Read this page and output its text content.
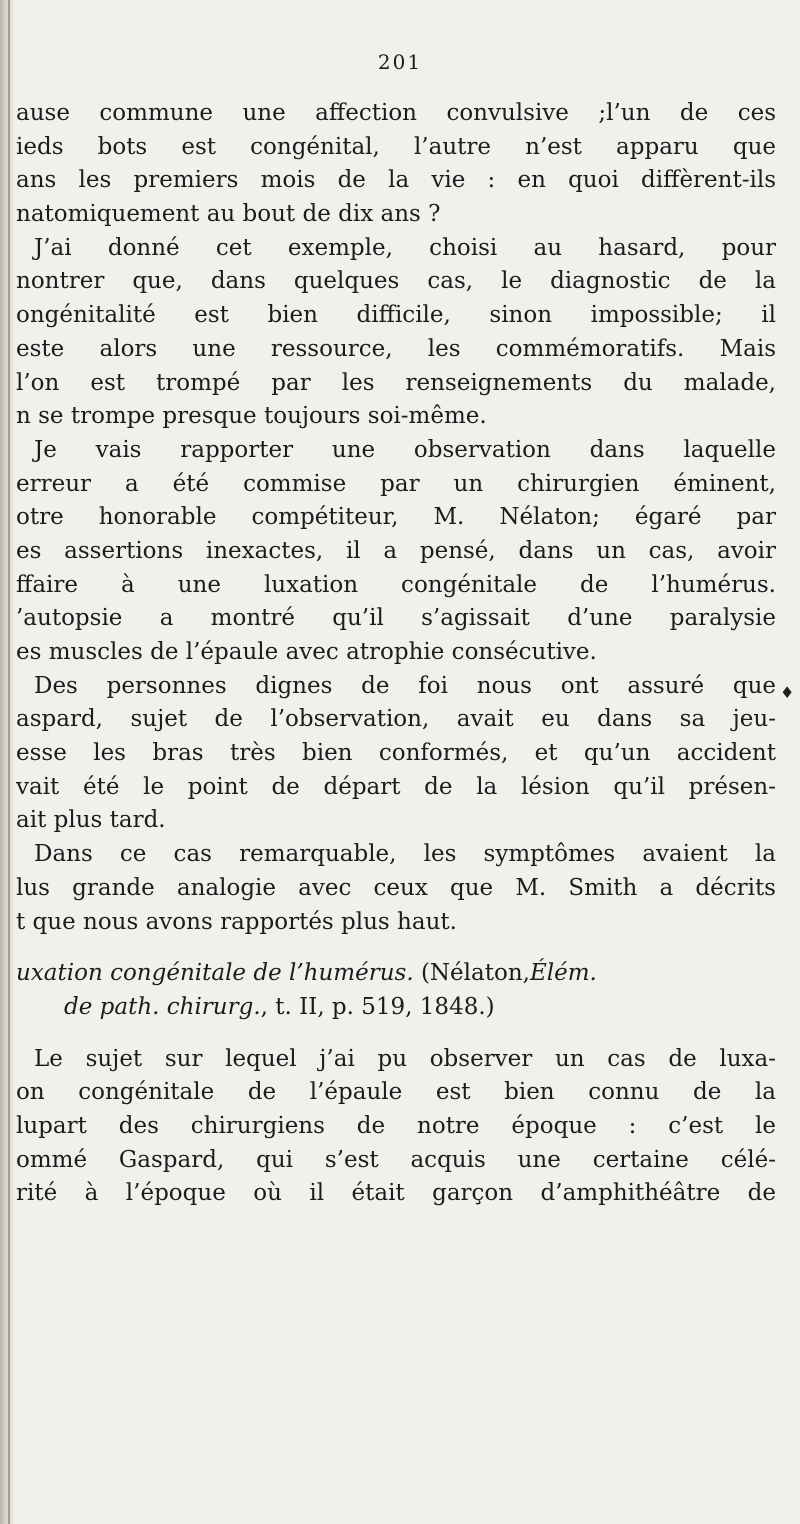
201
ause commune une affection convulsive ;l’un de ces
ieds bots est congénital, l’autre n’est apparu que
ans les premiers mois de la vie : en quoi diffèrent-ils
natomiquement au bout de dix ans ?
J’ai donné cet exemple, choisi au hasard, pour
nontrer que, dans quelques cas, le diagnostic de la
ongénitalité est bien difficile, sinon impossible; il
este alors une ressource, les commémoratifs. Mais
l’on est trompé par les renseignements du malade,
n se trompe presque toujours soi-même.
Je vais rapporter une observation dans laquelle
erreur a été commise par un chirurgien éminent,
otre honorable compétiteur, M. Nélaton; égaré par
es assertions inexactes, il a pensé, dans un cas, avoir
ffaire à une luxation congénitale de l’humérus.
’autopsie a montré qu’il s’agissait d’une paralysie
es muscles de l’épaule avec atrophie consécutive.
Des personnes dignes de foi nous ont assuré que
aspard, sujet de l’observation, avait eu dans sa jeu-
esse les bras très bien conformés, et qu’un accident
vait été le point de départ de la lésion qu’il présen-
ait plus tard.
Dans ce cas remarquable, les symptômes avaient la
lus grande analogie avec ceux que M. Smith a décrits
t que nous avons rapportés plus haut.
uxation congénitale de l’humérus. (Nélaton,Élém.
de path. chirurg., t. II, p. 519, 1848.)
Le sujet sur lequel j’ai pu observer un cas de luxa-
on congénitale de l’épaule est bien connu de la
lupart des chirurgiens de notre époque : c’est le
ommé Gaspard, qui s’est acquis une certaine célé-
rité à l’époque où il était garçon d’amphithéâtre de
♦
